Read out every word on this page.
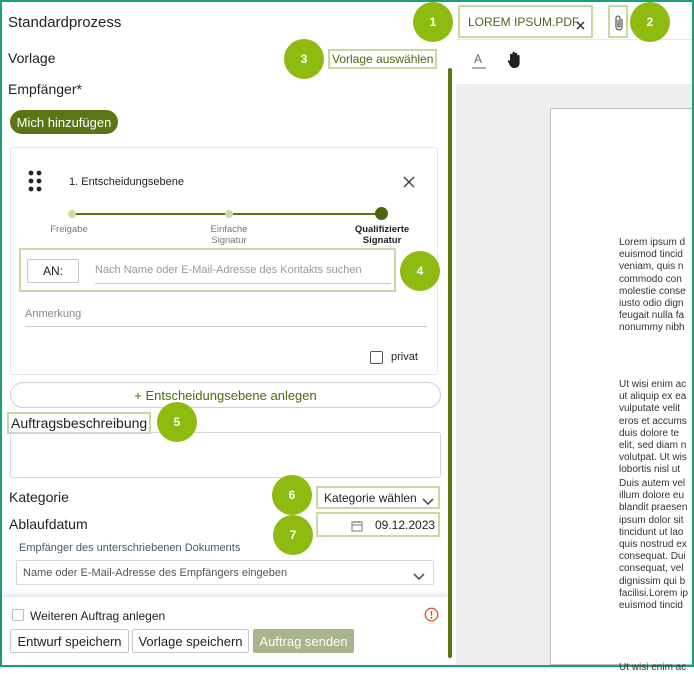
Standardprozess
Vorlage	Vorlage auswählen
Empfänger*
Mich hinzufügen
1. Entscheidungsebene
Freigabe	Einfache
Signatur
Qualifizierte
Signatur
AN:	Nach Name oder E-Mail-Adresse des Kontakts suchen
Anmerkung
privat
+ Entscheidungsebene anlegen
Auftragsbeschreibung
Kategorie	Kategorie wählen
Ablaufdatum	09.12.2023
Empfänger des unterschriebenen Dokuments
Name oder E-Mail-Adresse des Empfängers eingeben
Weiteren Auftrag anlegen
Entwurf speichern	Vorlage speichern	Auftrag senden
LOREM IPSUM.PDF
A
Lorem ipsum d
euismod tincid
veniam, quis n
commodo con
molestie conse
iusto odio dign
feugait nulla fa
nonummy nibh
Ut wisi enim ac
ut aliquip ex ea
vulputate velit
eros et accums
duis dolore te
elit, sed diam n
volutpat. Ut wis
lobortis nisl ut
Duis autem vel
illum dolore eu
blandit praesen
ipsum dolor sit
tincidunt ut lao
quis nostrud ex
consequat. Dui
consequat, vel
dignissim qui b
facilisi.Lorem ip
euismod tincid
Ut wisi enim ac
1	2
3
4
5
6
7
